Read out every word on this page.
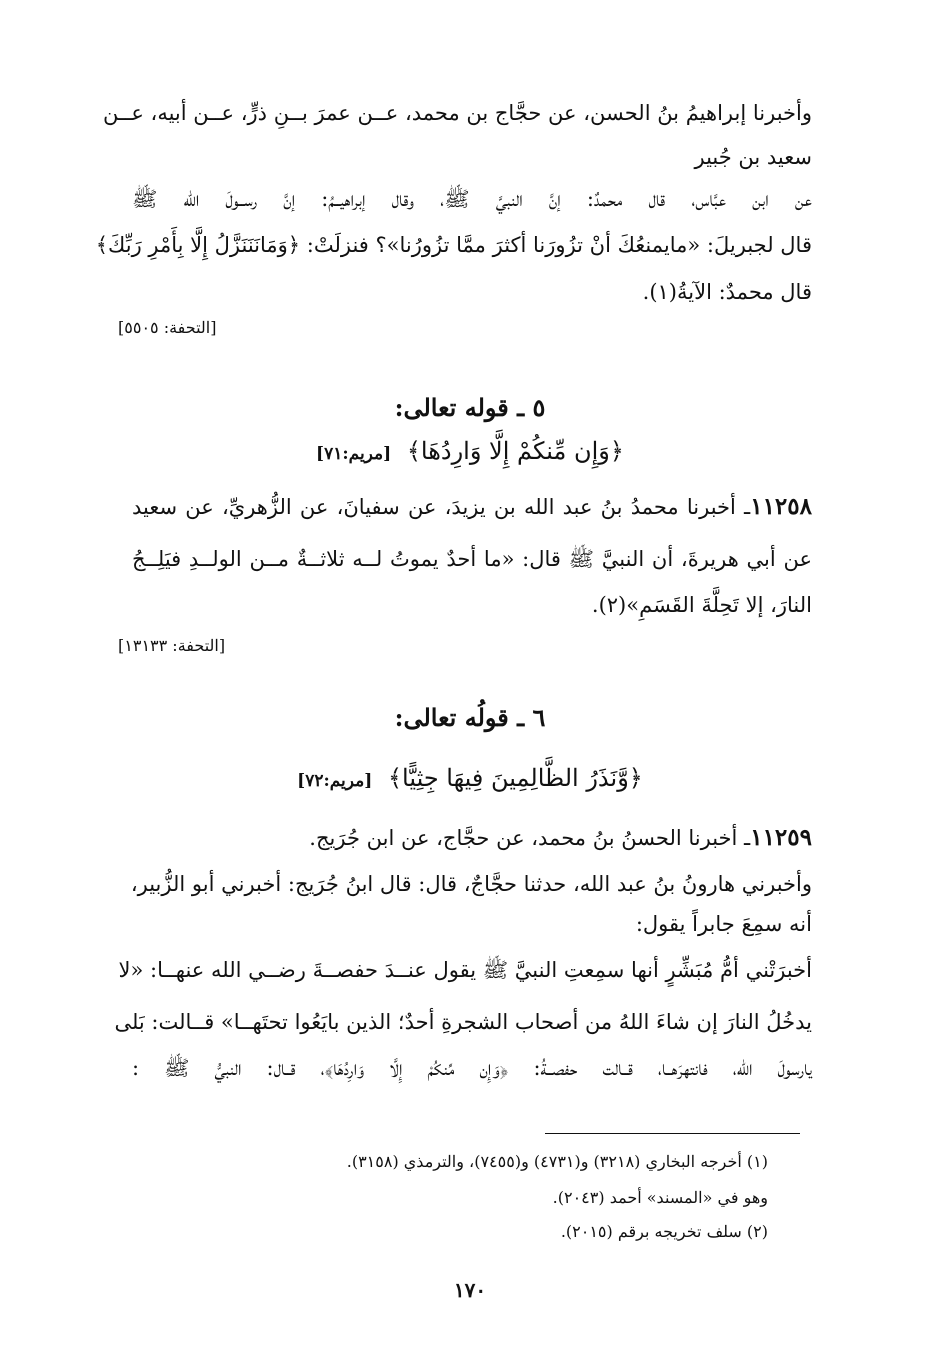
وأخبرنا إبراهيمُ بنُ الحسن، عن حجَّاج بن محمد، عــن عمرَ بــنِ ذرٍّ، عــن أبيه، عــن
سعيد بن جُبير
عن ابن عبَّاس، قال محمدٌ: إنَّ النبيَّ ﷺ، وقال إبراهيــمُ: إنَّ رســولَ الله ﷺ
قال لجبريلَ: «مايمنعُكَ أنْ تزُورَنا أكثرَ ممَّا تزُورُنا»؟ فنزلَتْ: ﴿وَمَانَنَنَزَّلُ إِلَّا بِأَمْرِ رَبِّكَ﴾
قال محمدٌ: الآيةُ(١).
[التحفة: ٥٥٠٥]
٥ ـ قوله تعالى:
﴿وَإِن مِّنكُمْ إِلَّا وَارِدُهَا﴾ [مريم:٧١]
١١٢٥٨ـ أخبرنا محمدُ بنُ عبد الله بن يزيدَ، عن سفيانَ، عن الزُّهريِّ، عن سعيد
عن أبي هريرةَ، أن النبيَّ ﷺ قال: «ما أحدٌ يموتُ لــه ثلاثــةٌ مــن الولــدِ فيَلِــجُ
النارَ، إلا تَحِلَّةَ القَسَمِ»(٢).
[التحفة: ١٣١٣٣]
٦ ـ قولُه تعالى:
﴿وَّنَذَرُ الظَّالِمِينَ فِيهَا جِثِيًّا﴾ [مريم:٧٢]
١١٢٥٩ـ أخبرنا الحسنُ بنُ محمد، عن حجَّاج، عن ابن جُرَيج.
وأخبرني هارونُ بنُ عبد الله، حدثنا حجَّاجٌ، قال: قال ابنُ جُرَيج: أخبرني أبو الزُّبير،
أنه سمِعَ جابراً يقول:
أخبرَتْني أمُّ مُبَشِّرٍ أنها سمِعتِ النبيَّ ﷺ يقول عنــدَ حفصــةَ رضــي الله عنهــا: «لا
يدخُلُ النارَ إن شاءَ اللهُ من أصحاب الشجرةِ أحدٌ؛ الذين بايَعُوا تحتَهــا» قــالت: بَلى
يارسولَ الله، فانتهرَهــا، قــالت حفصــةُ: ﴿وَإِن مِّنكُمْ إِلَّا وَارِدُهَا﴾، قــال: النبيُّ ﷺ :
(١) أخرجه البخاري (٣٢١٨) و(٤٧٣١) و(٧٤٥٥)، والترمذي (٣١٥٨).
وهو في «المسند» أحمد (٢٠٤٣).
(٢) سلف تخريجه برقم (٢٠١٥).
١٧٠
